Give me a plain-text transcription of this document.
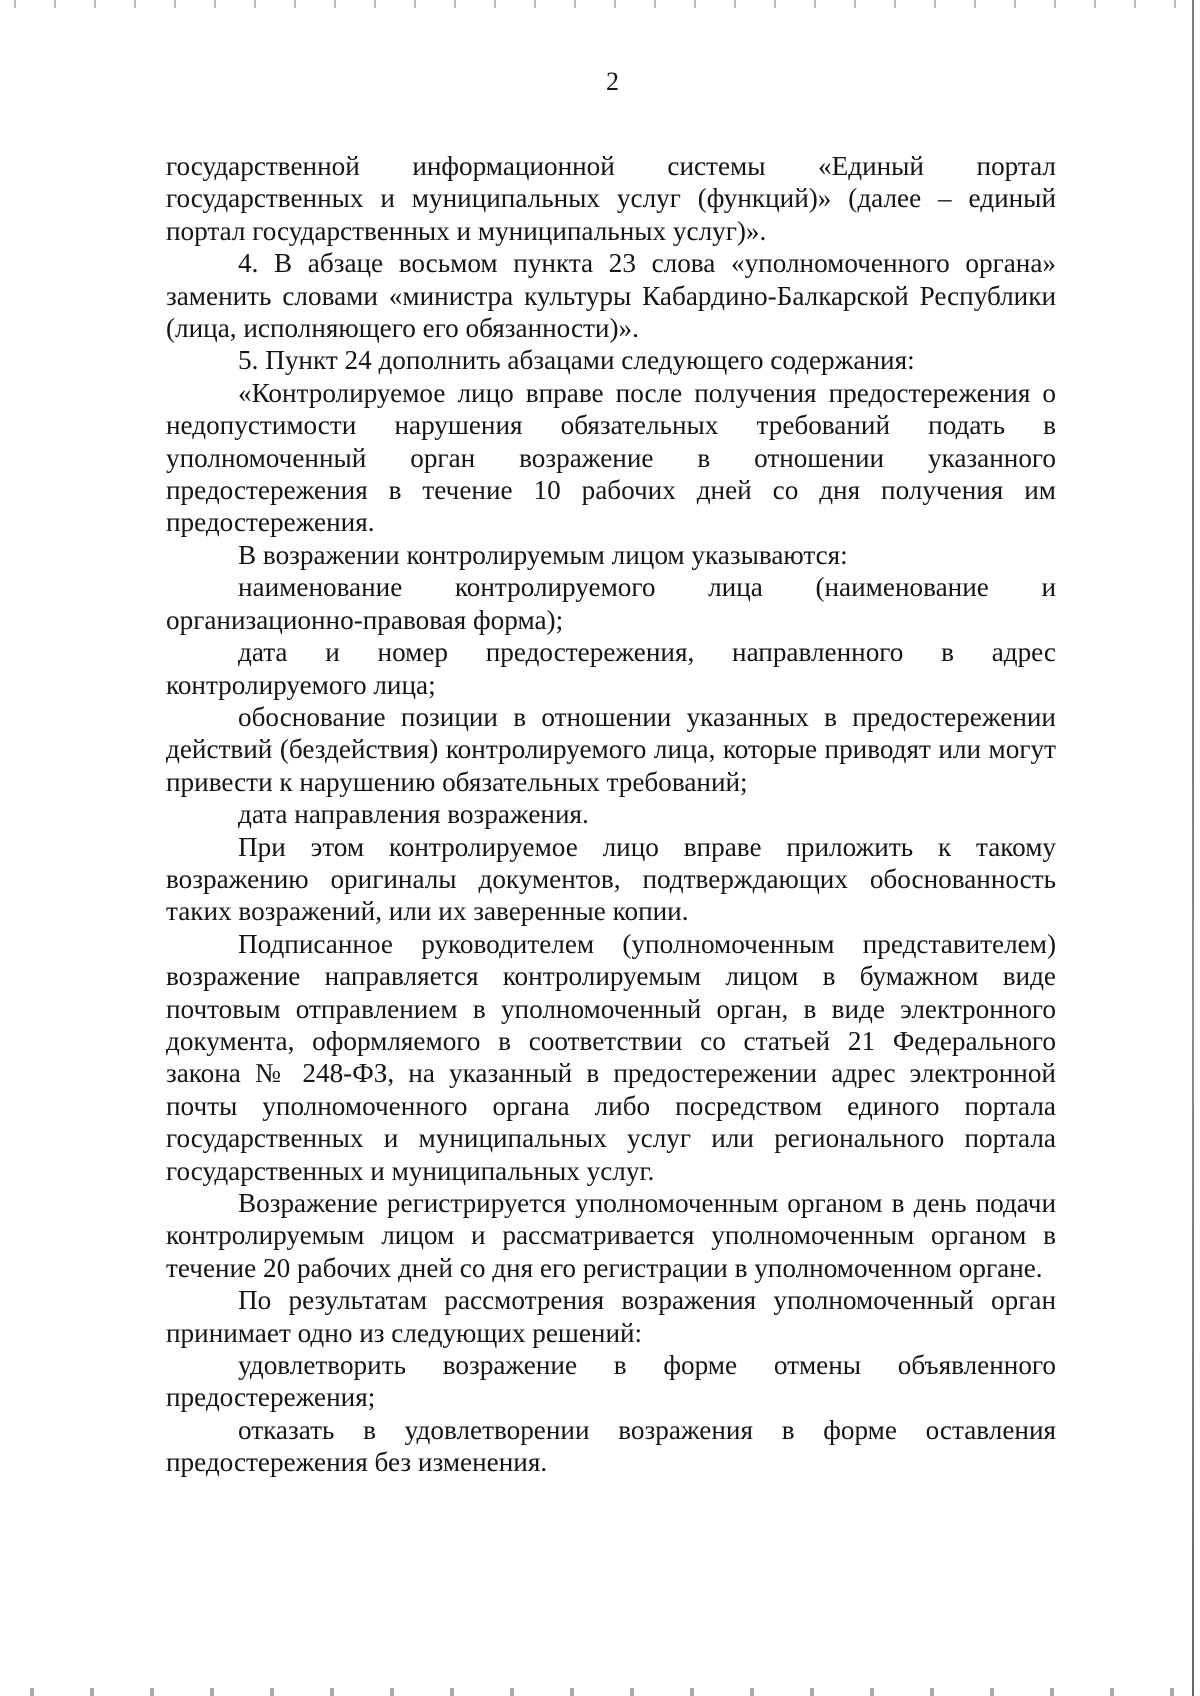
2

государственной информационной системы «Единый портал государственных и муниципальных услуг (функций)» (далее – единый портал государственных и муниципальных услуг)».

4. В абзаце восьмом пункта 23 слова «уполномоченного органа» заменить словами «министра культуры Кабардино-Балкарской Республики (лица, исполняющего его обязанности)».

5. Пункт 24 дополнить абзацами следующего содержания:

«Контролируемое лицо вправе после получения предостережения о недопустимости нарушения обязательных требований подать в уполномоченный орган возражение в отношении указанного предостережения в течение 10 рабочих дней со дня получения им предостережения.

В возражении контролируемым лицом указываются:

наименование контролируемого лица (наименование и организационно-правовая форма);

дата и номер предостережения, направленного в адрес контролируемого лица;

обоснование позиции в отношении указанных в предостережении действий (бездействия) контролируемого лица, которые приводят или могут привести к нарушению обязательных требований;

дата направления возражения.

При этом контролируемое лицо вправе приложить к такому возражению оригиналы документов, подтверждающих обоснованность таких возражений, или их заверенные копии.

Подписанное руководителем (уполномоченным представителем) возражение направляется контролируемым лицом в бумажном виде почтовым отправлением в уполномоченный орган, в виде электронного документа, оформляемого в соответствии со статьей 21 Федерального закона № 248-ФЗ, на указанный в предостережении адрес электронной почты уполномоченного органа либо посредством единого портала государственных и муниципальных услуг или регионального портала государственных и муниципальных услуг.

Возражение регистрируется уполномоченным органом в день подачи контролируемым лицом и рассматривается уполномоченным органом в течение 20 рабочих дней со дня его регистрации в уполномоченном органе.

По результатам рассмотрения возражения уполномоченный орган принимает одно из следующих решений:

удовлетворить возражение в форме отмены объявленного предостережения;

отказать в удовлетворении возражения в форме оставления предостережения без изменения.
